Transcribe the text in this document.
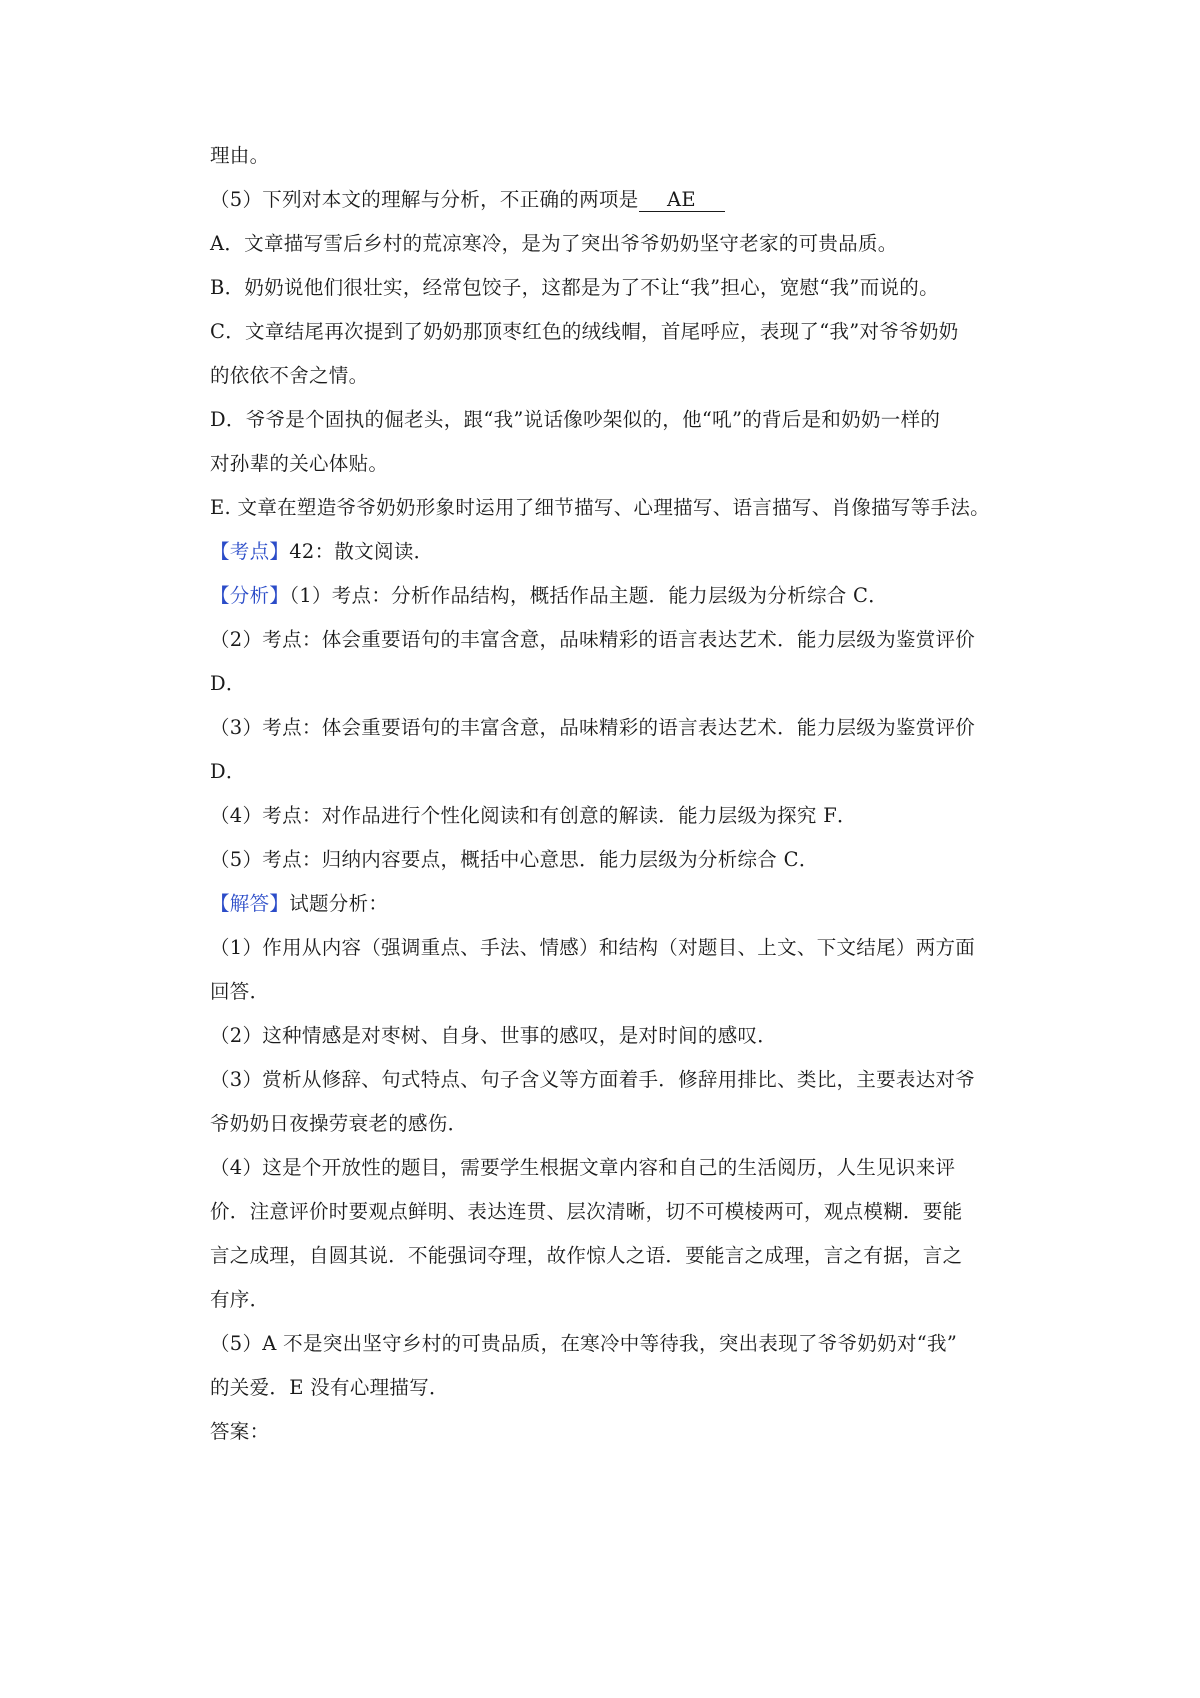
理由。
（5）下列对本文的理解与分析，不正确的两项是 AE
A．文章描写雪后乡村的荒凉寒冷，是为了突出爷爷奶奶坚守老家的可贵品质。
B．奶奶说他们很壮实，经常包饺子，这都是为了不让“我”担心，宽慰“我”而说的。
C．文章结尾再次提到了奶奶那顶枣红色的绒线帽，首尾呼应，表现了“我”对爷爷奶奶
的依依不舍之情。
D．爷爷是个固执的倔老头，跟“我”说话像吵架似的，他“吼”的背后是和奶奶一样的
对孙辈的关心体贴。
E. 文章在塑造爷爷奶奶形象时运用了细节描写、心理描写、语言描写、肖像描写等手法。
【考点】42：散文阅读．
【分析】（1）考点：分析作品结构，概括作品主题．能力层级为分析综合 C．
（2）考点：体会重要语句的丰富含意，品味精彩的语言表达艺术．能力层级为鉴赏评价
D．
（3）考点：体会重要语句的丰富含意，品味精彩的语言表达艺术．能力层级为鉴赏评价
D．
（4）考点：对作品进行个性化阅读和有创意的解读．能力层级为探究 F．
（5）考点：归纳内容要点，概括中心意思．能力层级为分析综合 C．
【解答】试题分析：
（1）作用从内容（强调重点、手法、情感）和结构（对题目、上文、下文结尾）两方面
回答．
（2）这种情感是对枣树、自身、世事的感叹，是对时间的感叹．
（3）赏析从修辞、句式特点、句子含义等方面着手．修辞用排比、类比，主要表达对爷
爷奶奶日夜操劳衰老的感伤．
（4）这是个开放性的题目，需要学生根据文章内容和自己的生活阅历，人生见识来评
价．注意评价时要观点鲜明、表达连贯、层次清晰，切不可模棱两可，观点模糊．要能
言之成理，自圆其说．不能强词夺理，故作惊人之语．要能言之成理，言之有据，言之
有序．
（5）A 不是突出坚守乡村的可贵品质，在寒冷中等待我，突出表现了爷爷奶奶对“我”
的关爱．E 没有心理描写．
答案：
